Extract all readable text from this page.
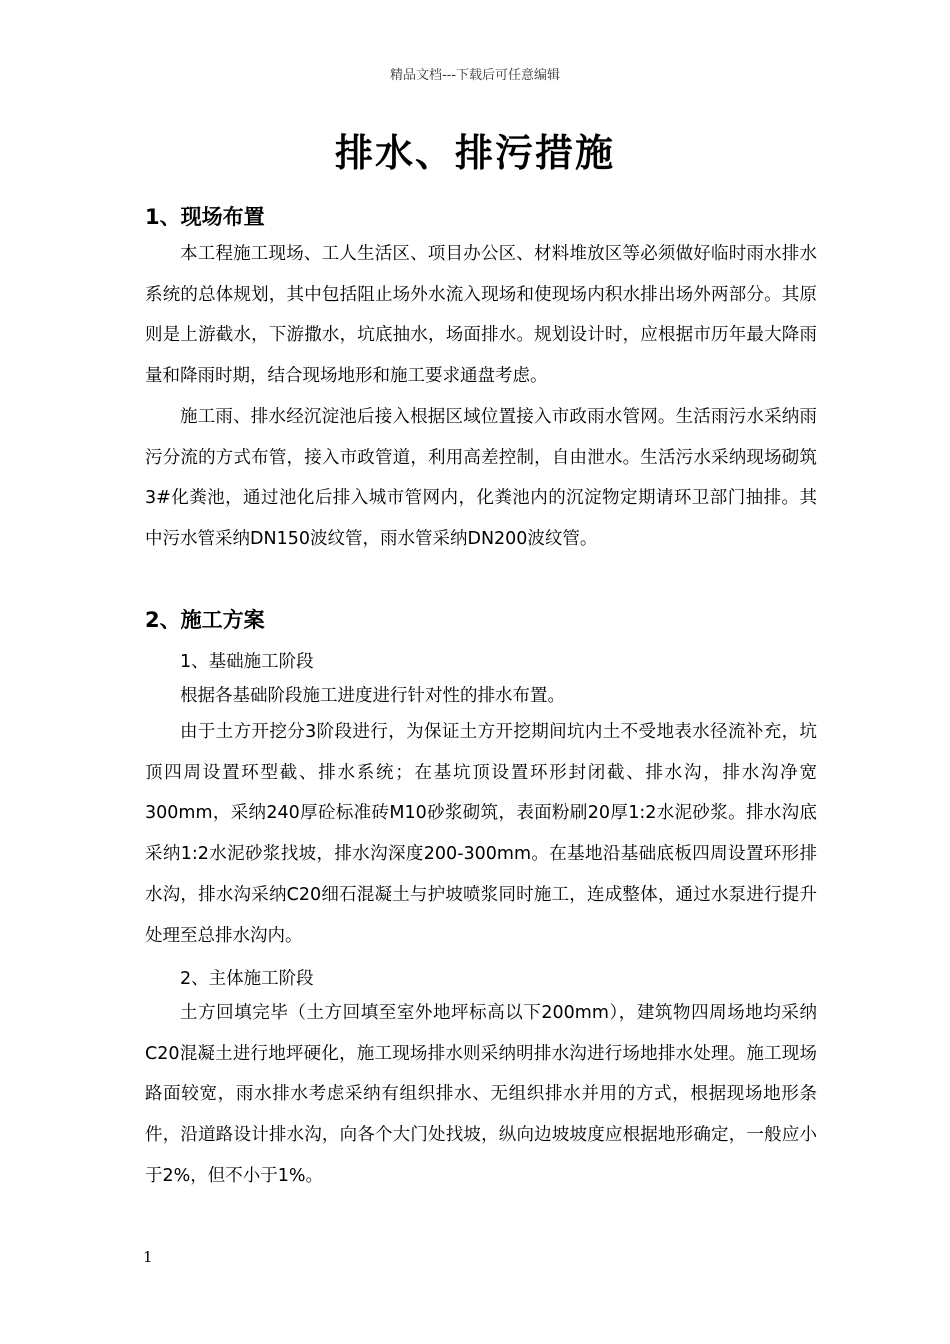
精品文档---下载后可任意编辑
排水、排污措施
1、现场布置

本工程施工现场、工人生活区、项目办公区、材料堆放区等必须做好临时雨水排水系统的总体规划，其中包括阻止场外水流入现场和使现场内积水排出场外两部分。其原则是上游截水，下游撒水，坑底抽水，场面排水。规划设计时，应根据市历年最大降雨量和降雨时期，结合现场地形和施工要求通盘考虑。

施工雨、排水经沉淀池后接入根据区域位置接入市政雨水管网。生活雨污水采纳雨污分流的方式布管，接入市政管道，利用高差控制，自由泄水。生活污水采纳现场砌筑3#化粪池，通过池化后排入城市管网内，化粪池内的沉淀物定期请环卫部门抽排。其中污水管采纳DN150波纹管，雨水管采纳DN200波纹管。

2、施工方案

1、基础施工阶段

根据各基础阶段施工进度进行针对性的排水布置。

由于土方开挖分3阶段进行，为保证土方开挖期间坑内土不受地表水径流补充，坑顶四周设置环型截、排水系统；在基坑顶设置环形封闭截、排水沟，排水沟净宽300mm，采纳240厚砼标准砖M10砂浆砌筑，表面粉刷20厚1:2水泥砂浆。排水沟底采纳1:2水泥砂浆找坡，排水沟深度200-300mm。在基地沿基础底板四周设置环形排水沟，排水沟采纳C20细石混凝土与护坡喷浆同时施工，连成整体，通过水泵进行提升处理至总排水沟内。

2、主体施工阶段

土方回填完毕（土方回填至室外地坪标高以下200mm），建筑物四周场地均采纳C20混凝土进行地坪硬化，施工现场排水则采纳明排水沟进行场地排水处理。施工现场路面较宽，雨水排水考虑采纳有组织排水、无组织排水并用的方式，根据现场地形条件，沿道路设计排水沟，向各个大门处找坡，纵向边坡坡度应根据地形确定，一般应小于2%，但不小于1%。

1
